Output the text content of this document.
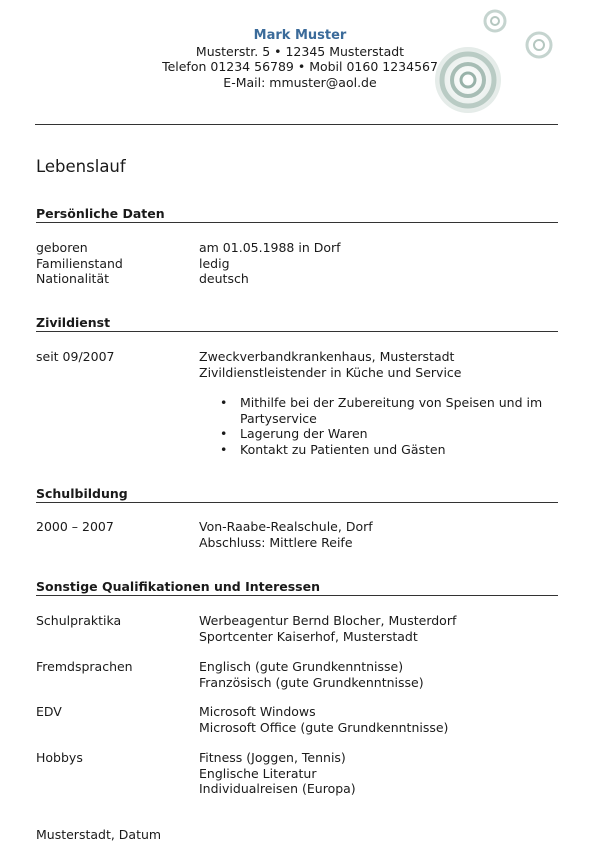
Mark Muster
Musterstr. 5 • 12345 Musterstadt
Telefon 01234 56789 • Mobil 0160 1234567
E-Mail: mmuster@aol.de
Lebenslauf
Persönliche Daten
geboren	am 01.05.1988 in Dorf
Familienstand	ledig
Nationalität	deutsch
Zivildienst
seit 09/2007	Zweckverbandkrankenhaus, Musterstadt
Zivildienstleistender in Küche und Service
• Mithilfe bei der Zubereitung von Speisen und im Partyservice
• Lagerung der Waren
• Kontakt zu Patienten und Gästen
Schulbildung
2000 – 2007	Von-Raabe-Realschule, Dorf
Abschluss: Mittlere Reife
Sonstige Qualifikationen und Interessen
Schulpraktika	Werbeagentur Bernd Blocher, Musterdorf
Sportcenter Kaiserhof, Musterstadt
Fremdsprachen	Englisch (gute Grundkenntnisse)
Französisch (gute Grundkenntnisse)
EDV	Microsoft Windows
Microsoft Office (gute Grundkenntnisse)
Hobbys	Fitness (Joggen, Tennis)
Englische Literatur
Individualreisen (Europa)
Musterstadt, Datum
